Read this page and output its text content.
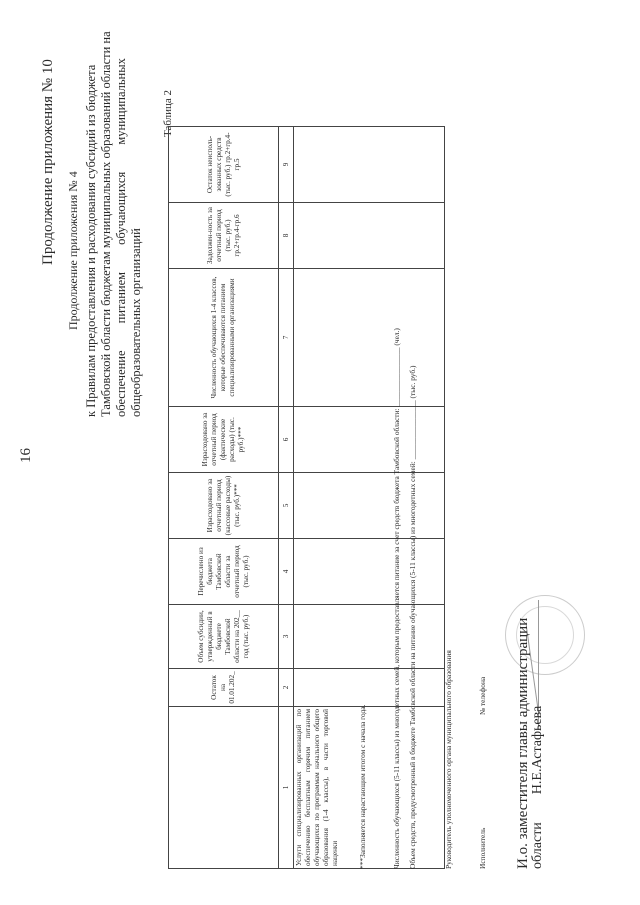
16
Продолжение приложения № 10 Продолжение приложения № 4 к Правилам предоставления и расходования субсидий из бюджета Тамбовской области бюджетам муниципальных образований области на обеспечение питанием обучающихся муниципальных общеобразовательных организаций
Таблица 2
	Остаток на 01.01.202_	Объем субсидии, утвержденный в бюджете Тамбовской области на 202__ год (тыс. руб.)	Перечислено из бюджета Тамбовской области за отчетный период (тыс. руб.)	Израсходовано за отчетный период (кассовые расходы) (тыс. руб.)***	Израсходовано за отчетный период (фактические расходы) (тыс. руб.)***	Численность обучающихся 1-4 классов, которые обеспечиваются питанием специализированными организациями	Задолжен-ность за отчетный период (тыс. руб.) гр.2+гр.4-гр.6	Остаток неисполь-зованных средств (тыс. руб.) гр.2+гр.4-гр.5
1	2	3	4	5	6	7	8	9
Услуги специализированных организаций по обеспечению бесплатным горячим питанием обучающихся по программам начального общего образования (1-4 классы), в части торговой наценки									***Заполняется нарастающим итогом с начала года.	Численность обучающихся (5-11 классы) из многодетных семей, которым предоставляется питание за счет средств бюджета Тамбовской области: ________________ (чел.) Объем средств, предусмотренный в бюджете Тамбовской области на питание обучающихся (5-11 классы) из многодетных семей: ________________ (тыс. руб.)	Руководитель уполномоченного органа муниципального образования	Исполнитель
№ телефона И.о. заместителя главы администрации областиН.Е.Астафьева
